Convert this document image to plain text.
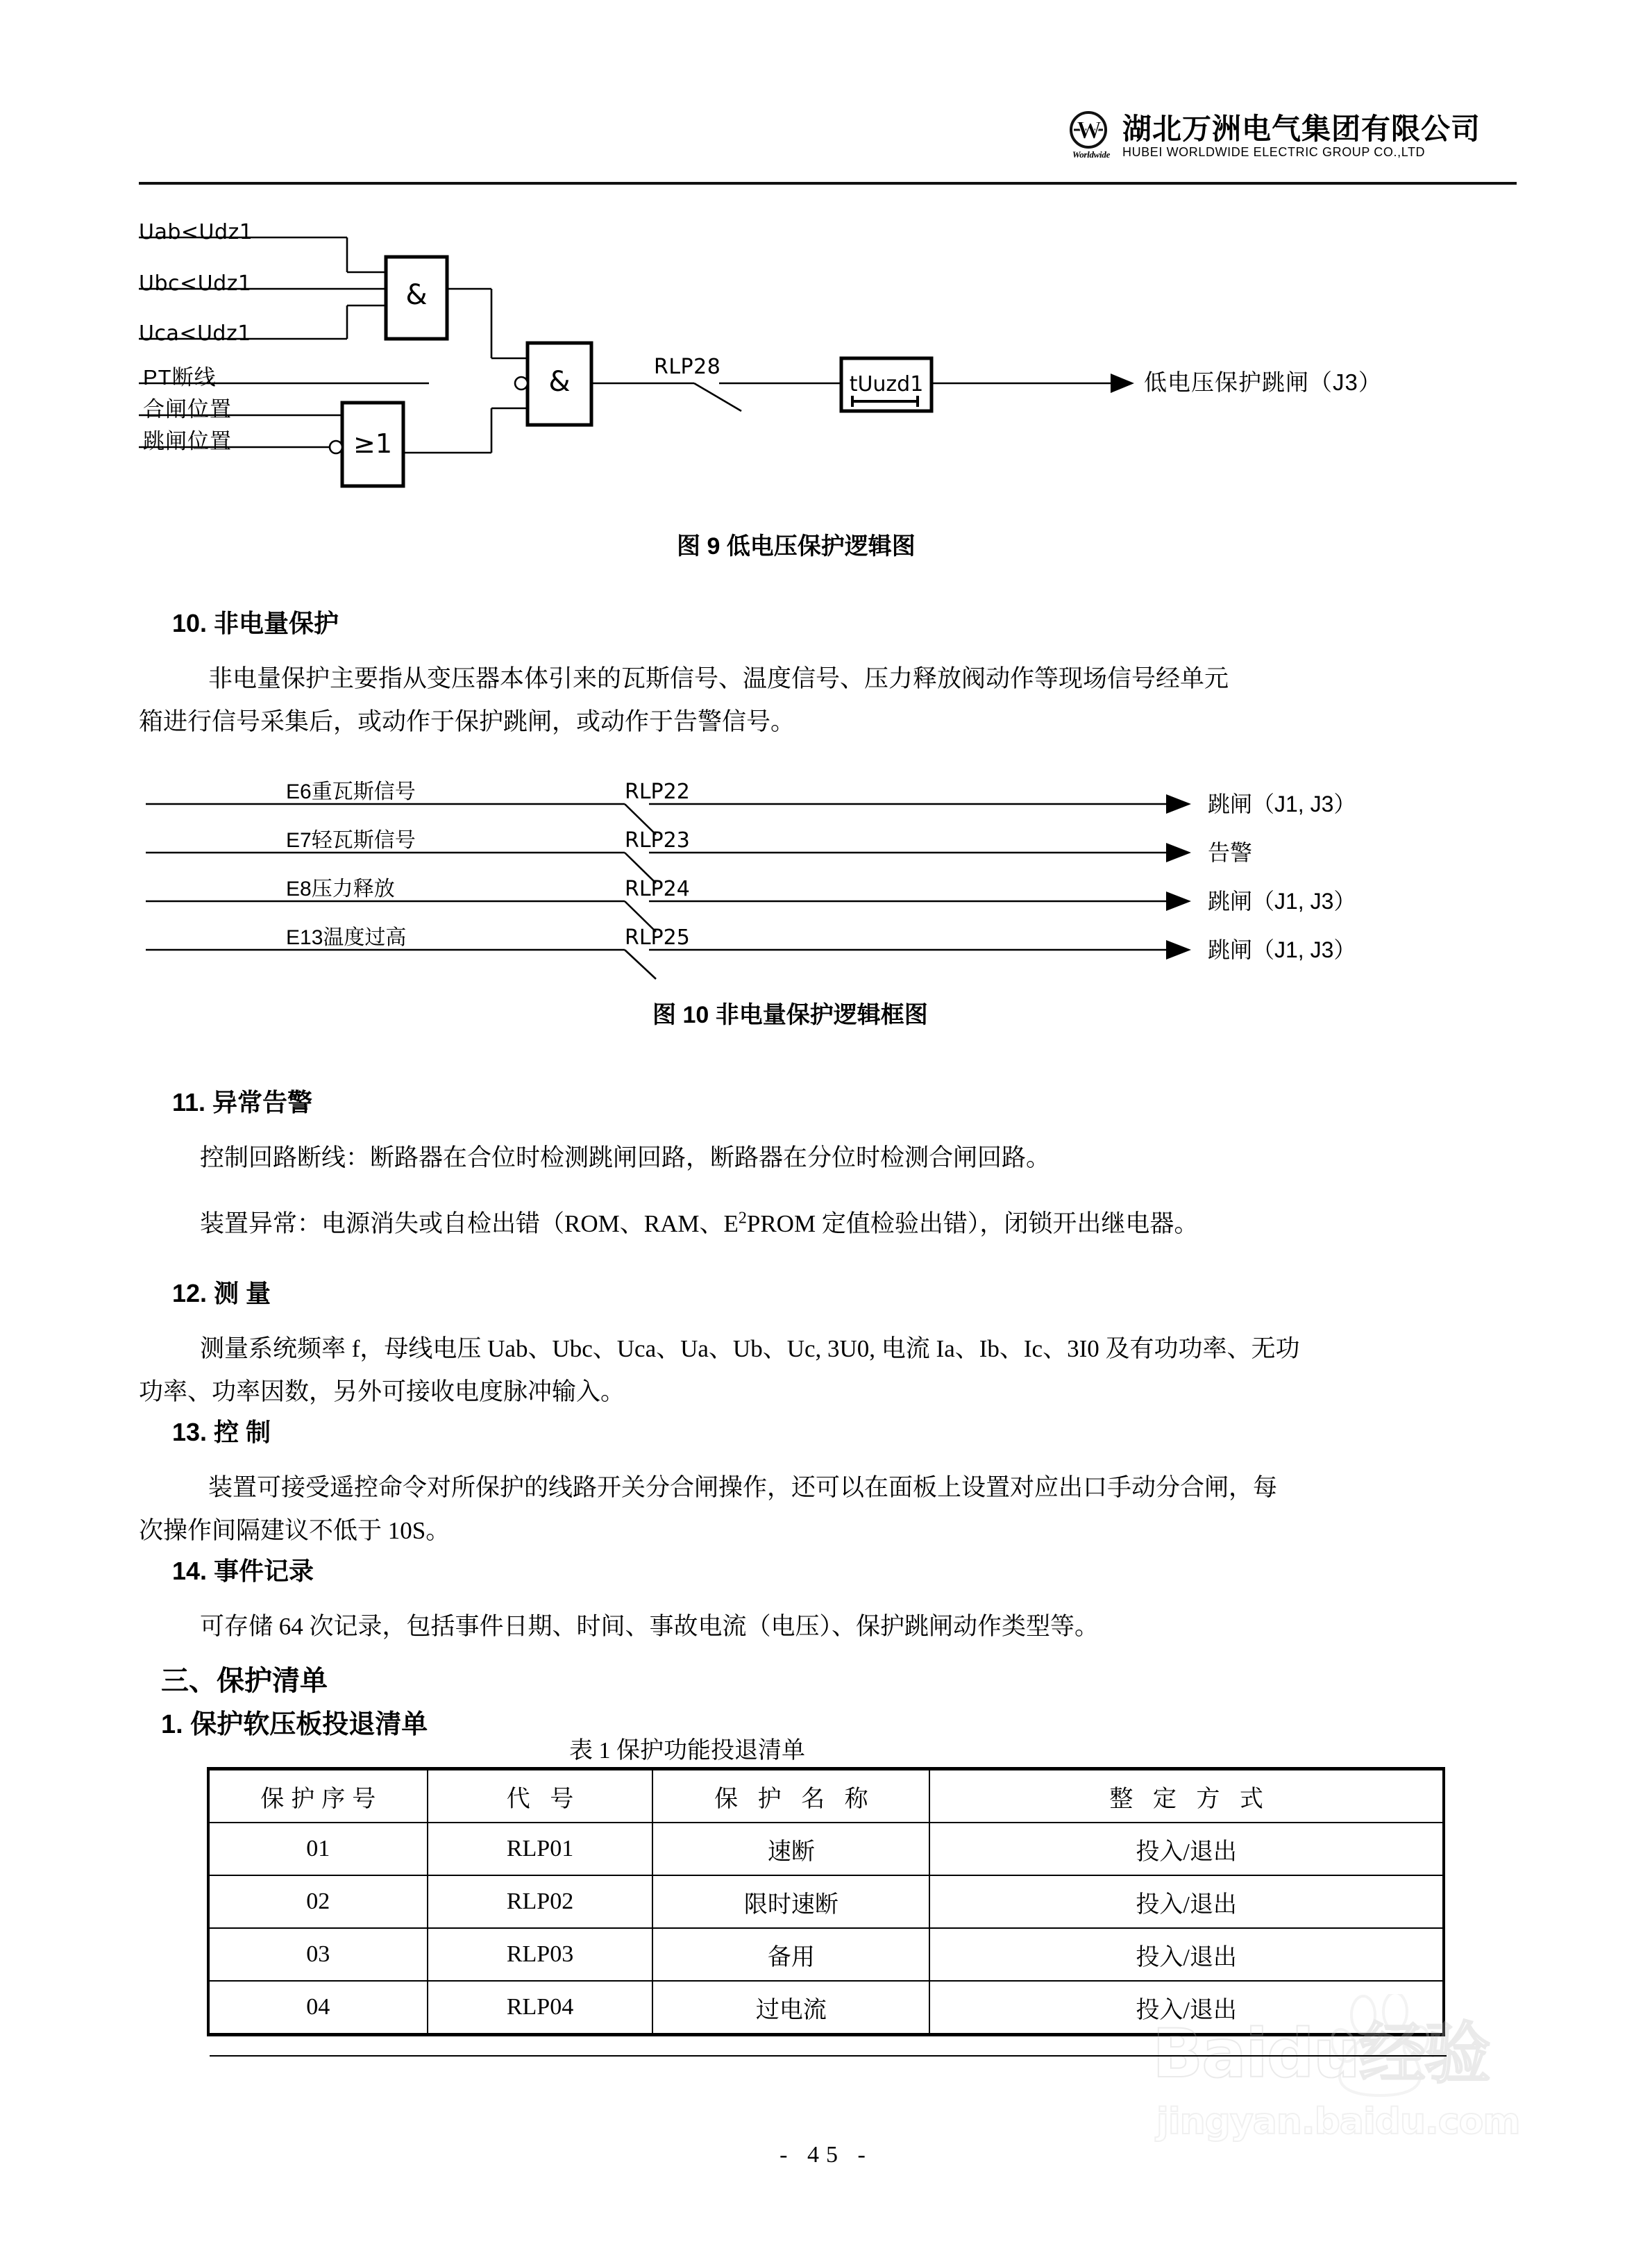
W
Worldwide
湖北万洲电气集团有限公司
HUBEI WORLDWIDE ELECTRIC GROUP CO.,LTD
&
&
≥1
tUuzd1
Uab<Udz1
Ubc<Udz1
Uca<Udz1
PT断线
合闸位置
跳闸位置
RLP28
低电压保护跳闸（J3）
图 9 低电压保护逻辑图
10. 非电量保护
非电量保护主要指从变压器本体引来的瓦斯信号、温度信号、压力释放阀动作等现场信号经单元
箱进行信号采集后，或动作于保护跳闸，或动作于告警信号。
E6重瓦斯信号
E7轻瓦斯信号
E8压力释放
E13温度过高
RLP22
RLP23
RLP24
RLP25
跳闸（J1, J3）
告警
跳闸（J1, J3）
跳闸（J1, J3）
图 10 非电量保护逻辑框图
11. 异常告警
控制回路断线：断路器在合位时检测跳闸回路，断路器在分位时检测合闸回路。
装置异常：电源消失或自检出错（ROM、RAM、$E^2PROM$ 定值检验出错），闭锁开出继电器。
12. 测 量
测量系统频率 f，母线电压 Uab、Ubc、Uca、Ua、Ub、Uc, 3U0, 电流 Ia、Ib、Ic、3I0 及有功功率、无功
功率、功率因数，另外可接收电度脉冲输入。
13. 控 制
装置可接受遥控命令对所保护的线路开关分合闸操作，还可以在面板上设置对应出口手动分合闸，每
次操作间隔建议不低于 10S。
14. 事件记录
可存储 64 次记录，包括事件日期、时间、事故电流（电压）、保护跳闸动作类型等。
三、保护清单
1. 保护软压板投退清单
表 1 保护功能投退清单
保护序号	代 号	保 护 名 称	整 定 方 式
01	RLP01	速断	投入/退出
02	RLP02	限时速断	投入/退出
03	RLP03	备用	投入/退出
04	RLP04	过电流	投入/退出
Baidu经验
jingyan.baidu.com
- 45 -
